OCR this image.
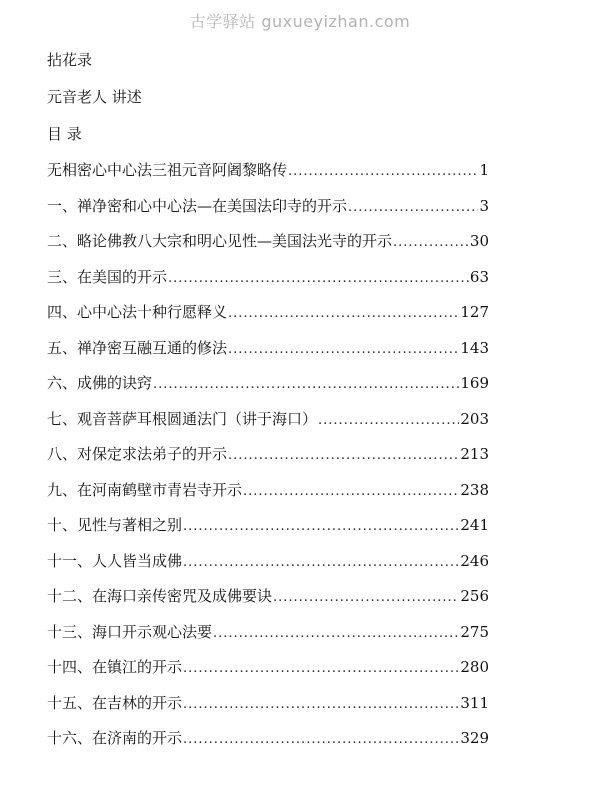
古学驿站 guxueyizhan.com
拈花录
元音老人 讲述
目 录
无相密心中心法三祖元音阿阇黎略传 .....	1
一、禅净密和心中心法—在美国法印寺的开示 .....	3
二、略论佛教八大宗和明心见性—美国法光寺的开示 .....	30
三、在美国的开示 .....	63
四、心中心法十种行愿释义 .....	127
五、禅净密互融互通的修法 .....	143
六、成佛的诀窍 .....	169
七、观音菩萨耳根圆通法门（讲于海口） .....	203
八、对保定求法弟子的开示 .....	213
九、在河南鹤壁市青岩寺开示 .....	238
十、见性与著相之别 .....	241
十一、人人皆当成佛 .....	246
十二、在海口亲传密咒及成佛要诀 .....	256
十三、海口开示观心法要 .....	275
十四、在镇江的开示 .....	280
十五、在吉林的开示 .....	311
十六、在济南的开示 .....	329
